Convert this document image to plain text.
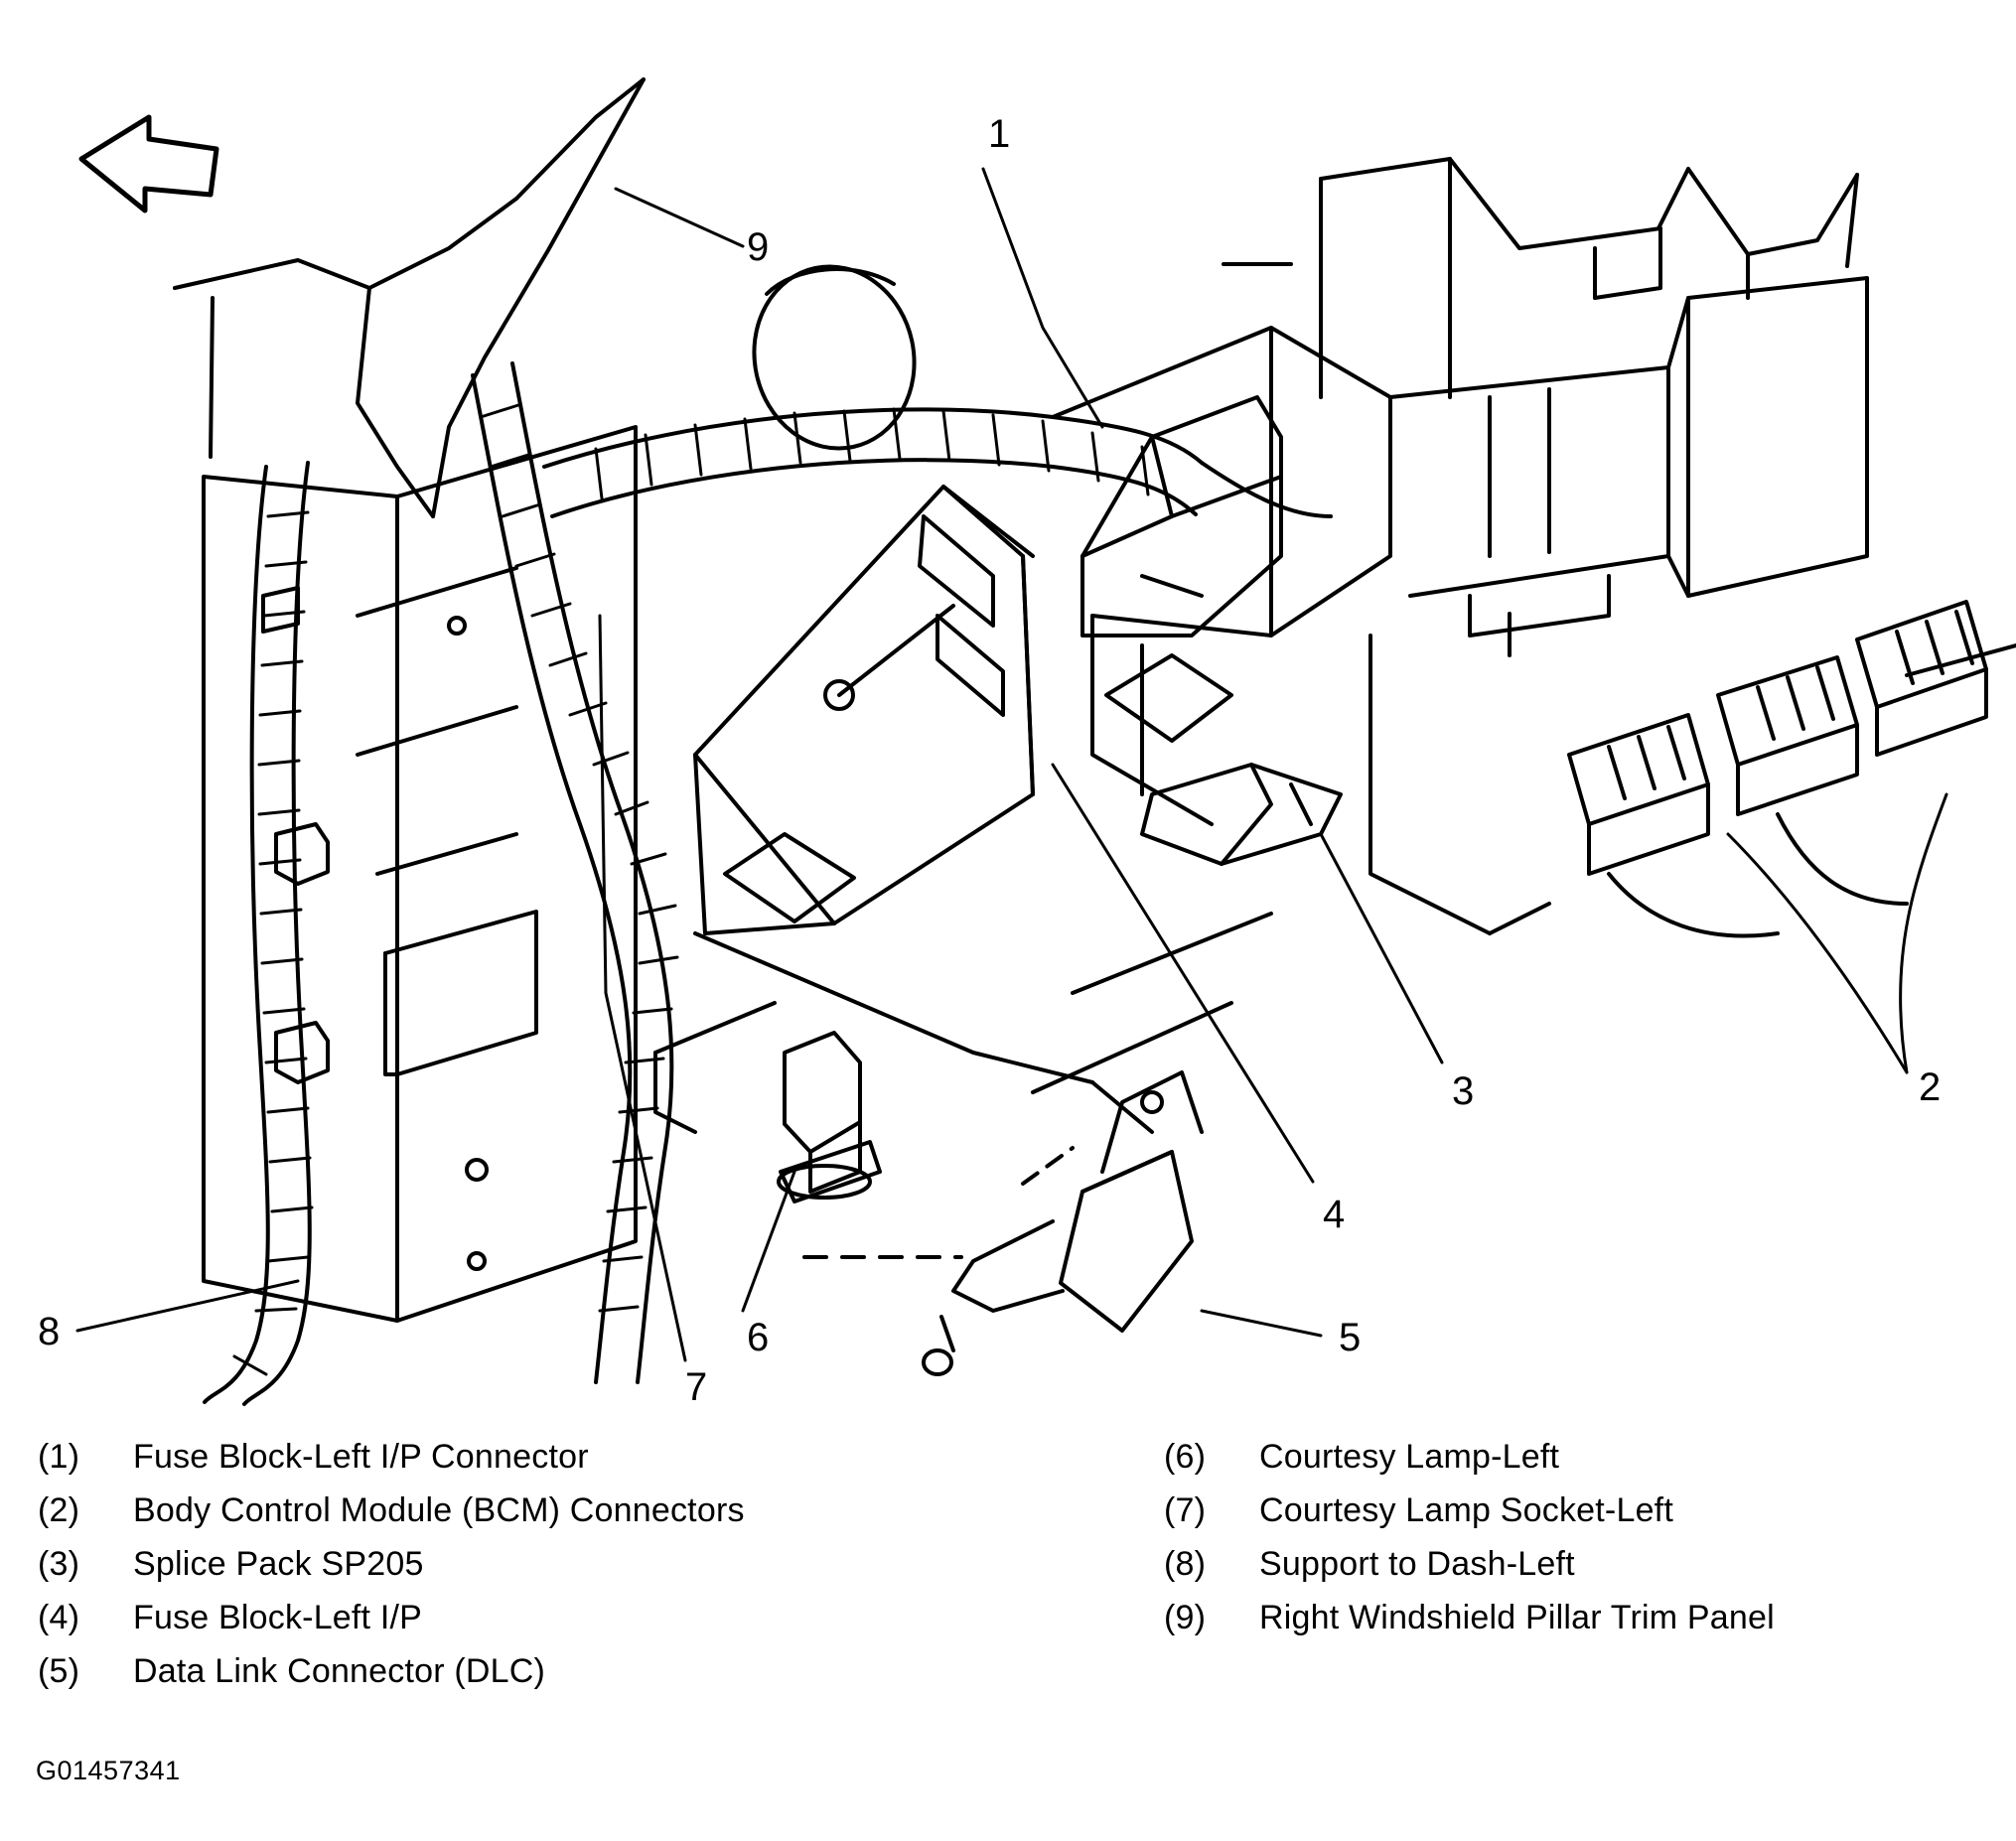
1
2
3
4
5
6
7
8
9
(1)	Fuse Block-Left I/P Connector
(2)	Body Control Module (BCM) Connectors
(3)	Splice Pack SP205
(4)	Fuse Block-Left I/P
(5)	Data Link Connector (DLC)
(6)	Courtesy Lamp-Left
(7)	Courtesy Lamp Socket-Left
(8)	Support to Dash-Left
(9)	Right Windshield Pillar Trim Panel
G01457341
